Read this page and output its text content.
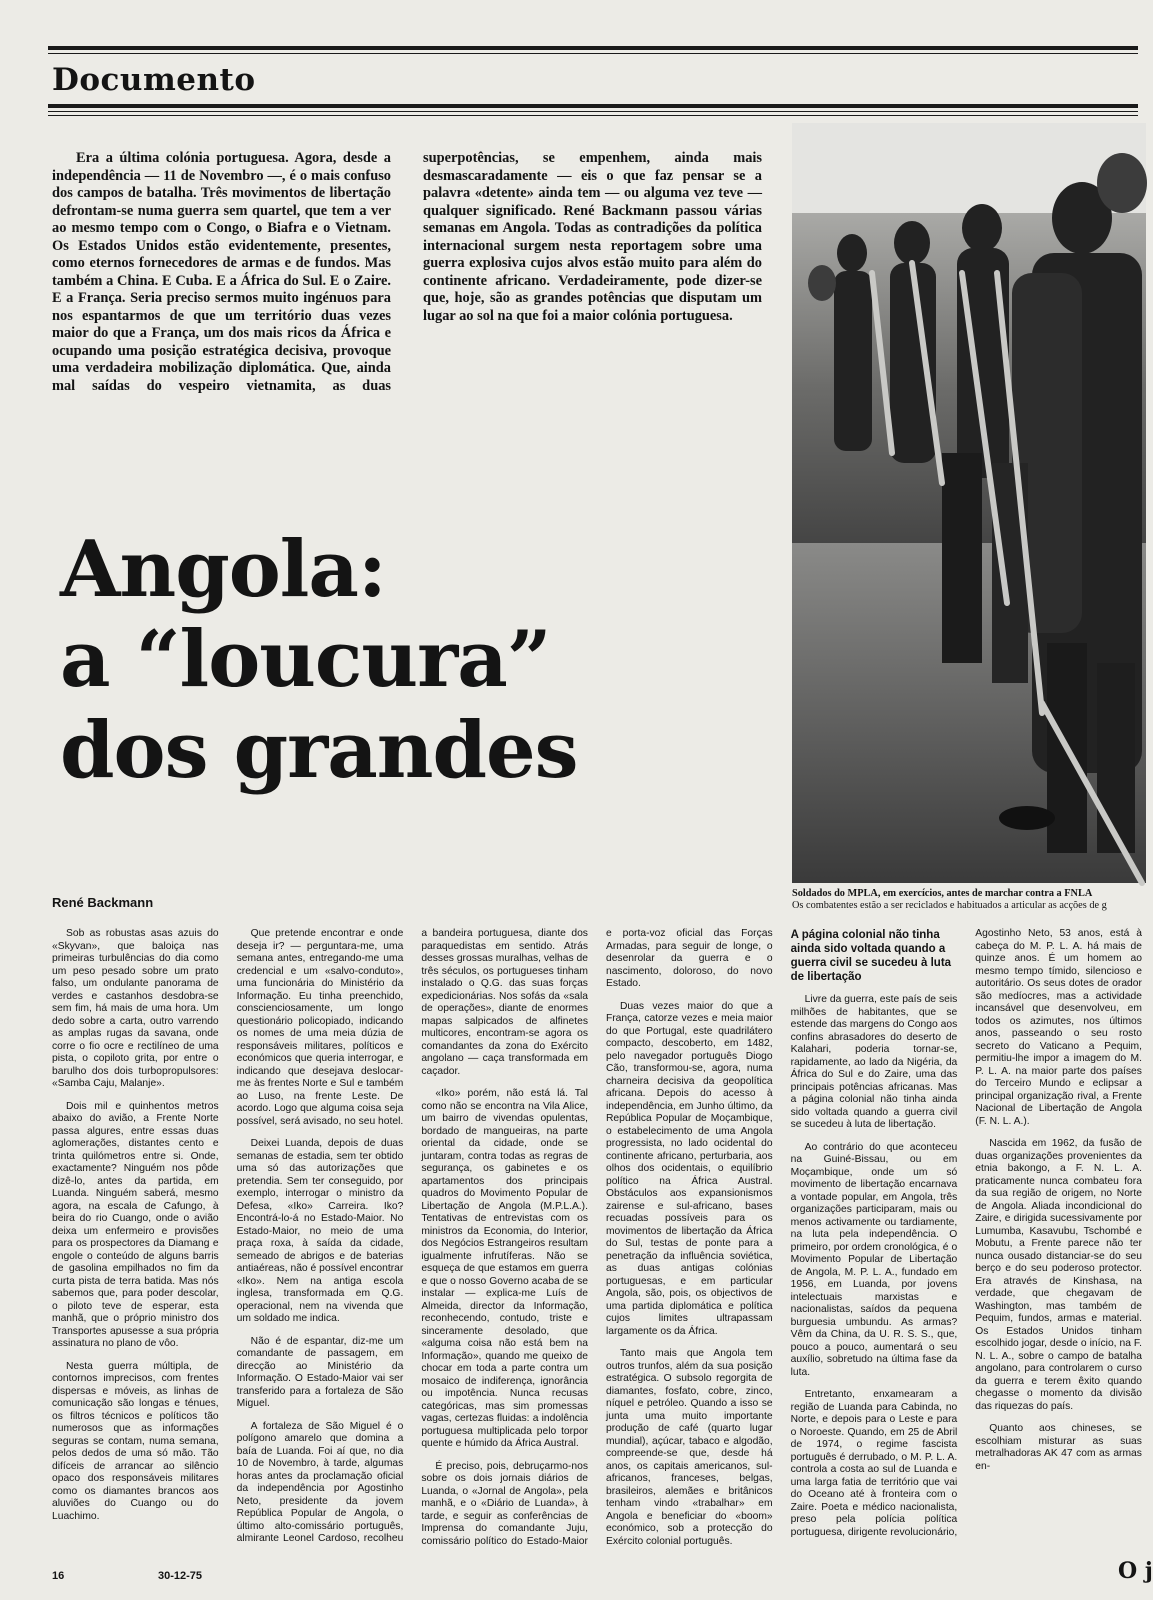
Documento

Era a última colónia portuguesa. Agora, desde a independência — 11 de Novembro —, é o mais confuso dos campos de batalha. Três movimentos de libertação defrontam-se numa guerra sem quartel, que tem a ver ao mesmo tempo com o Congo, o Biafra e o Vietnam. Os Estados Unidos estão evidentemente, presentes, como eternos fornecedores de armas e de fundos. Mas também a China. E Cuba. E a África do Sul. E o Zaire. E a França. Seria preciso sermos muito ingénuos para nos espantarmos de que um território duas vezes maior do que a França, um dos mais ricos da África e ocupando uma posição estratégica decisiva, provoque uma verdadeira mobilização diplomática. Que, ainda mal saídas do vespeiro vietnamita, as duas superpotências, se empenhem, ainda mais desmascaradamente — eis o que faz pensar se a palavra «detente» ainda tem — ou alguma vez teve — qualquer significado. René Backmann passou várias semanas em Angola. Todas as contradições da política internacional surgem nesta reportagem sobre uma guerra explosiva cujos alvos estão muito para além do continente africano. Verdadeiramente, pode dizer-se que, hoje, são as grandes potências que disputam um lugar ao sol na que foi a maior colónia portuguesa.

Angola:
a “loucura”
dos grandes

René Backmann

Soldados do MPLA, em exercícios, antes de marchar contra a FNLA
Os combatentes estão a ser reciclados e habituados a articular as acções de g

Sob as robustas asas azuis do «Skyvan», que baloiça nas primeiras turbulências do dia como um peso pesado sobre um prato falso, um ondulante panorama de verdes e castanhos desdobra-se sem fim, há mais de uma hora. Um dedo sobre a carta, outro varrendo as amplas rugas da savana, onde corre o fio ocre e rectilíneo de uma pista, o copiloto grita, por entre o barulho dos dois turbopropulsores: «Samba Caju, Malanje».

Dois mil e quinhentos metros abaixo do avião, a Frente Norte passa algures, entre essas duas aglomerações, distantes cento e trinta quilómetros entre si. Onde, exactamente? Ninguém nos pôde dizê-lo, antes da partida, em Luanda. Ninguém saberá, mesmo agora, na escala de Cafungo, à beira do rio Cuango, onde o avião deixa um enfermeiro e provisões para os prospectores da Diamang e engole o conteúdo de alguns barris de gasolina empilhados no fim da curta pista de terra batida. Mas nós sabemos que, para poder descolar, o piloto teve de esperar, esta manhã, que o próprio ministro dos Transportes apusesse a sua própria assinatura no plano de vôo.

Nesta guerra múltipla, de contornos imprecisos, com frentes dispersas e móveis, as linhas de comunicação são longas e ténues, os filtros técnicos e políticos tão numerosos que as informações seguras se contam, numa semana, pelos dedos de uma só mão. Tão difíceis de arrancar ao silêncio opaco dos responsáveis militares como os diamantes brancos aos aluviões do Cuango ou do Luachimo.

Que pretende encontrar e onde deseja ir? — perguntara-me, uma semana antes, entregando-me uma credencial e um «salvo-conduto», uma funcionária do Ministério da Informação. Eu tinha preenchido, conscienciosamente, um longo questionário policopiado, indicando os nomes de uma meia dúzia de responsáveis militares, políticos e económicos que queria interrogar, e indicando que desejava deslocar-me às frentes Norte e Sul e também ao Luso, na frente Leste. De acordo. Logo que alguma coisa seja possível, será avisado, no seu hotel.

Deixei Luanda, depois de duas semanas de estadia, sem ter obtido uma só das autorizações que pretendia. Sem ter conseguido, por exemplo, interrogar o ministro da Defesa, «Iko» Carreira. Iko? Encontrá-lo-á no Estado-Maior. No Estado-Maior, no meio de uma praça roxa, à saída da cidade, semeado de abrigos e de baterias antiaéreas, não é possível encontrar «Iko». Nem na antiga escola inglesa, transformada em Q.G. operacional, nem na vivenda que um soldado me indica.

Não é de espantar, diz-me um comandante de passagem, em direcção ao Ministério da Informação. O Estado-Maior vai ser transferido para a fortaleza de São Miguel.

A fortaleza de São Miguel é o polígono amarelo que domina a baía de Luanda. Foi aí que, no dia 10 de Novembro, à tarde, algumas horas antes da proclamação oficial da independência por Agostinho Neto, presidente da jovem República Popular de Angola, o último alto-comissário português, almirante Leonel Cardoso, recolheu a bandeira portuguesa, diante dos paraquedistas em sentido. Atrás desses grossas muralhas, velhas de três séculos, os portugueses tinham instalado o Q.G. das suas forças expedicionárias. Nos sofás da «sala de operações», diante de enormes mapas salpicados de alfinetes multicores, encontram-se agora os comandantes da zona do Exército angolano — caça transformada em caçador.

«Iko» porém, não está lá. Tal como não se encontra na Vila Alice, um bairro de vivendas opulentas, bordado de mangueiras, na parte oriental da cidade, onde se juntaram, contra todas as regras de segurança, os gabinetes e os apartamentos dos principais quadros do Movimento Popular de Libertação de Angola (M.P.L.A.). Tentativas de entrevistas com os ministros da Economia, do Interior, dos Negócios Estrangeiros resultam igualmente infrutíferas. Não se esqueça de que estamos em guerra e que o nosso Governo acaba de se instalar — explica-me Luís de Almeida, director da Informação, reconhecendo, contudo, triste e sinceramente desolado, que «alguma coisa não está bem na Informação», quando me queixo de chocar em toda a parte contra um mosaico de indiferença, ignorância ou impotência. Nunca recusas categóricas, mas sim promessas vagas, certezas fluidas: a indolência portuguesa multiplicada pelo torpor quente e húmido da África Austral.

É preciso, pois, debruçarmo-nos sobre os dois jornais diários de Luanda, o «Jornal de Angola», pela manhã, e o «Diário de Luanda», à tarde, e seguir as conferências de Imprensa do comandante Juju, comissário político do Estado-Maior e porta-voz oficial das Forças Armadas, para seguir de longe, o desenrolar da guerra e o nascimento, doloroso, do novo Estado.

Duas vezes maior do que a França, catorze vezes e meia maior do que Portugal, este quadrilátero compacto, descoberto, em 1482, pelo navegador português Diogo Cão, transformou-se, agora, numa charneira decisiva da geopolítica africana. Depois do acesso à independência, em Junho último, da República Popular de Moçambique, o estabelecimento de uma Angola progressista, no lado ocidental do continente africano, perturbaria, aos olhos dos ocidentais, o equilíbrio político na África Austral. Obstáculos aos expansionismos zairense e sul-africano, bases recuadas possíveis para os movimentos de libertação da África do Sul, testas de ponte para a penetração da influência soviética, as duas antigas colónias portuguesas, e em particular Angola, são, pois, os objectivos de uma partida diplomática e política cujos limites ultrapassam largamente os da África.

Tanto mais que Angola tem outros trunfos, além da sua posição estratégica. O subsolo regorgita de diamantes, fosfato, cobre, zinco, níquel e petróleo. Quando a isso se junta uma muito importante produção de café (quarto lugar mundial), açúcar, tabaco e algodão, compreende-se que, desde há anos, os capitais americanos, sul-africanos, franceses, belgas, brasileiros, alemães e britânicos tenham vindo «trabalhar» em Angola e beneficiar do «boom» económico, sob a protecção do Exército colonial português.

A página colonial não tinha ainda sido voltada quando a guerra civil se sucedeu à luta de libertação

Livre da guerra, este país de seis milhões de habitantes, que se estende das margens do Congo aos confins abrasadores do deserto de Kalahari, poderia tornar-se, rapidamente, ao lado da Nigéria, da África do Sul e do Zaire, uma das principais potências africanas. Mas a página colonial não tinha ainda sido voltada quando a guerra civil se sucedeu à luta de libertação.

Ao contrário do que aconteceu na Guiné-Bissau, ou em Moçambique, onde um só movimento de libertação encarnava a vontade popular, em Angola, três organizações participaram, mais ou menos activamente ou tardiamente, na luta pela independência. O primeiro, por ordem cronológica, é o Movimento Popular de Libertação de Angola, M. P. L. A., fundado em 1956, em Luanda, por jovens intelectuais marxistas e nacionalistas, saídos da pequena burguesia umbundu. As armas? Vêm da China, da U. R. S. S., que, pouco a pouco, aumentará o seu auxílio, sobretudo na última fase da luta.

Entretanto, enxamearam a região de Luanda para Cabinda, no Norte, e depois para o Leste e para o Noroeste. Quando, em 25 de Abril de 1974, o regime fascista português é derrubado, o M. P. L. A. controla a costa ao sul de Luanda e uma larga fatia de território que vai do Oceano até à fronteira com o Zaire. Poeta e médico nacionalista, preso pela polícia política portuguesa, dirigente revolucionário, Agostinho Neto, 53 anos, está à cabeça do M. P. L. A. há mais de quinze anos. É um homem ao mesmo tempo tímido, silencioso e autoritário. Os seus dotes de orador são medíocres, mas a actividade incansável que desenvolveu, em todos os azimutes, nos últimos anos, passeando o seu rosto secreto do Vaticano a Pequim, permitiu-lhe impor a imagem do M. P. L. A. na maior parte dos países do Terceiro Mundo e eclipsar a principal organização rival, a Frente Nacional de Libertação de Angola (F. N. L. A.).

Nascida em 1962, da fusão de duas organizações provenientes da etnia bakongo, a F. N. L. A. praticamente nunca combateu fora da sua região de origem, no Norte de Angola. Aliada incondicional do Zaire, e dirigida sucessivamente por Lumumba, Kasavubu, Tschombé e Mobutu, a Frente parece não ter nunca ousado distanciar-se do seu berço e do seu poderoso protector. Era através de Kinshasa, na verdade, que chegavam de Washington, mas também de Pequim, fundos, armas e material. Os Estados Unidos tinham escolhido jogar, desde o início, na F. N. L. A., sobre o campo de batalha angolano, para controlarem o curso da guerra e terem êxito quando chegasse o momento da divisão das riquezas do país.

Quanto aos chineses, se escolhiam misturar as suas metralhadoras AK 47 com as armas en-

16	30-12-75	O j
